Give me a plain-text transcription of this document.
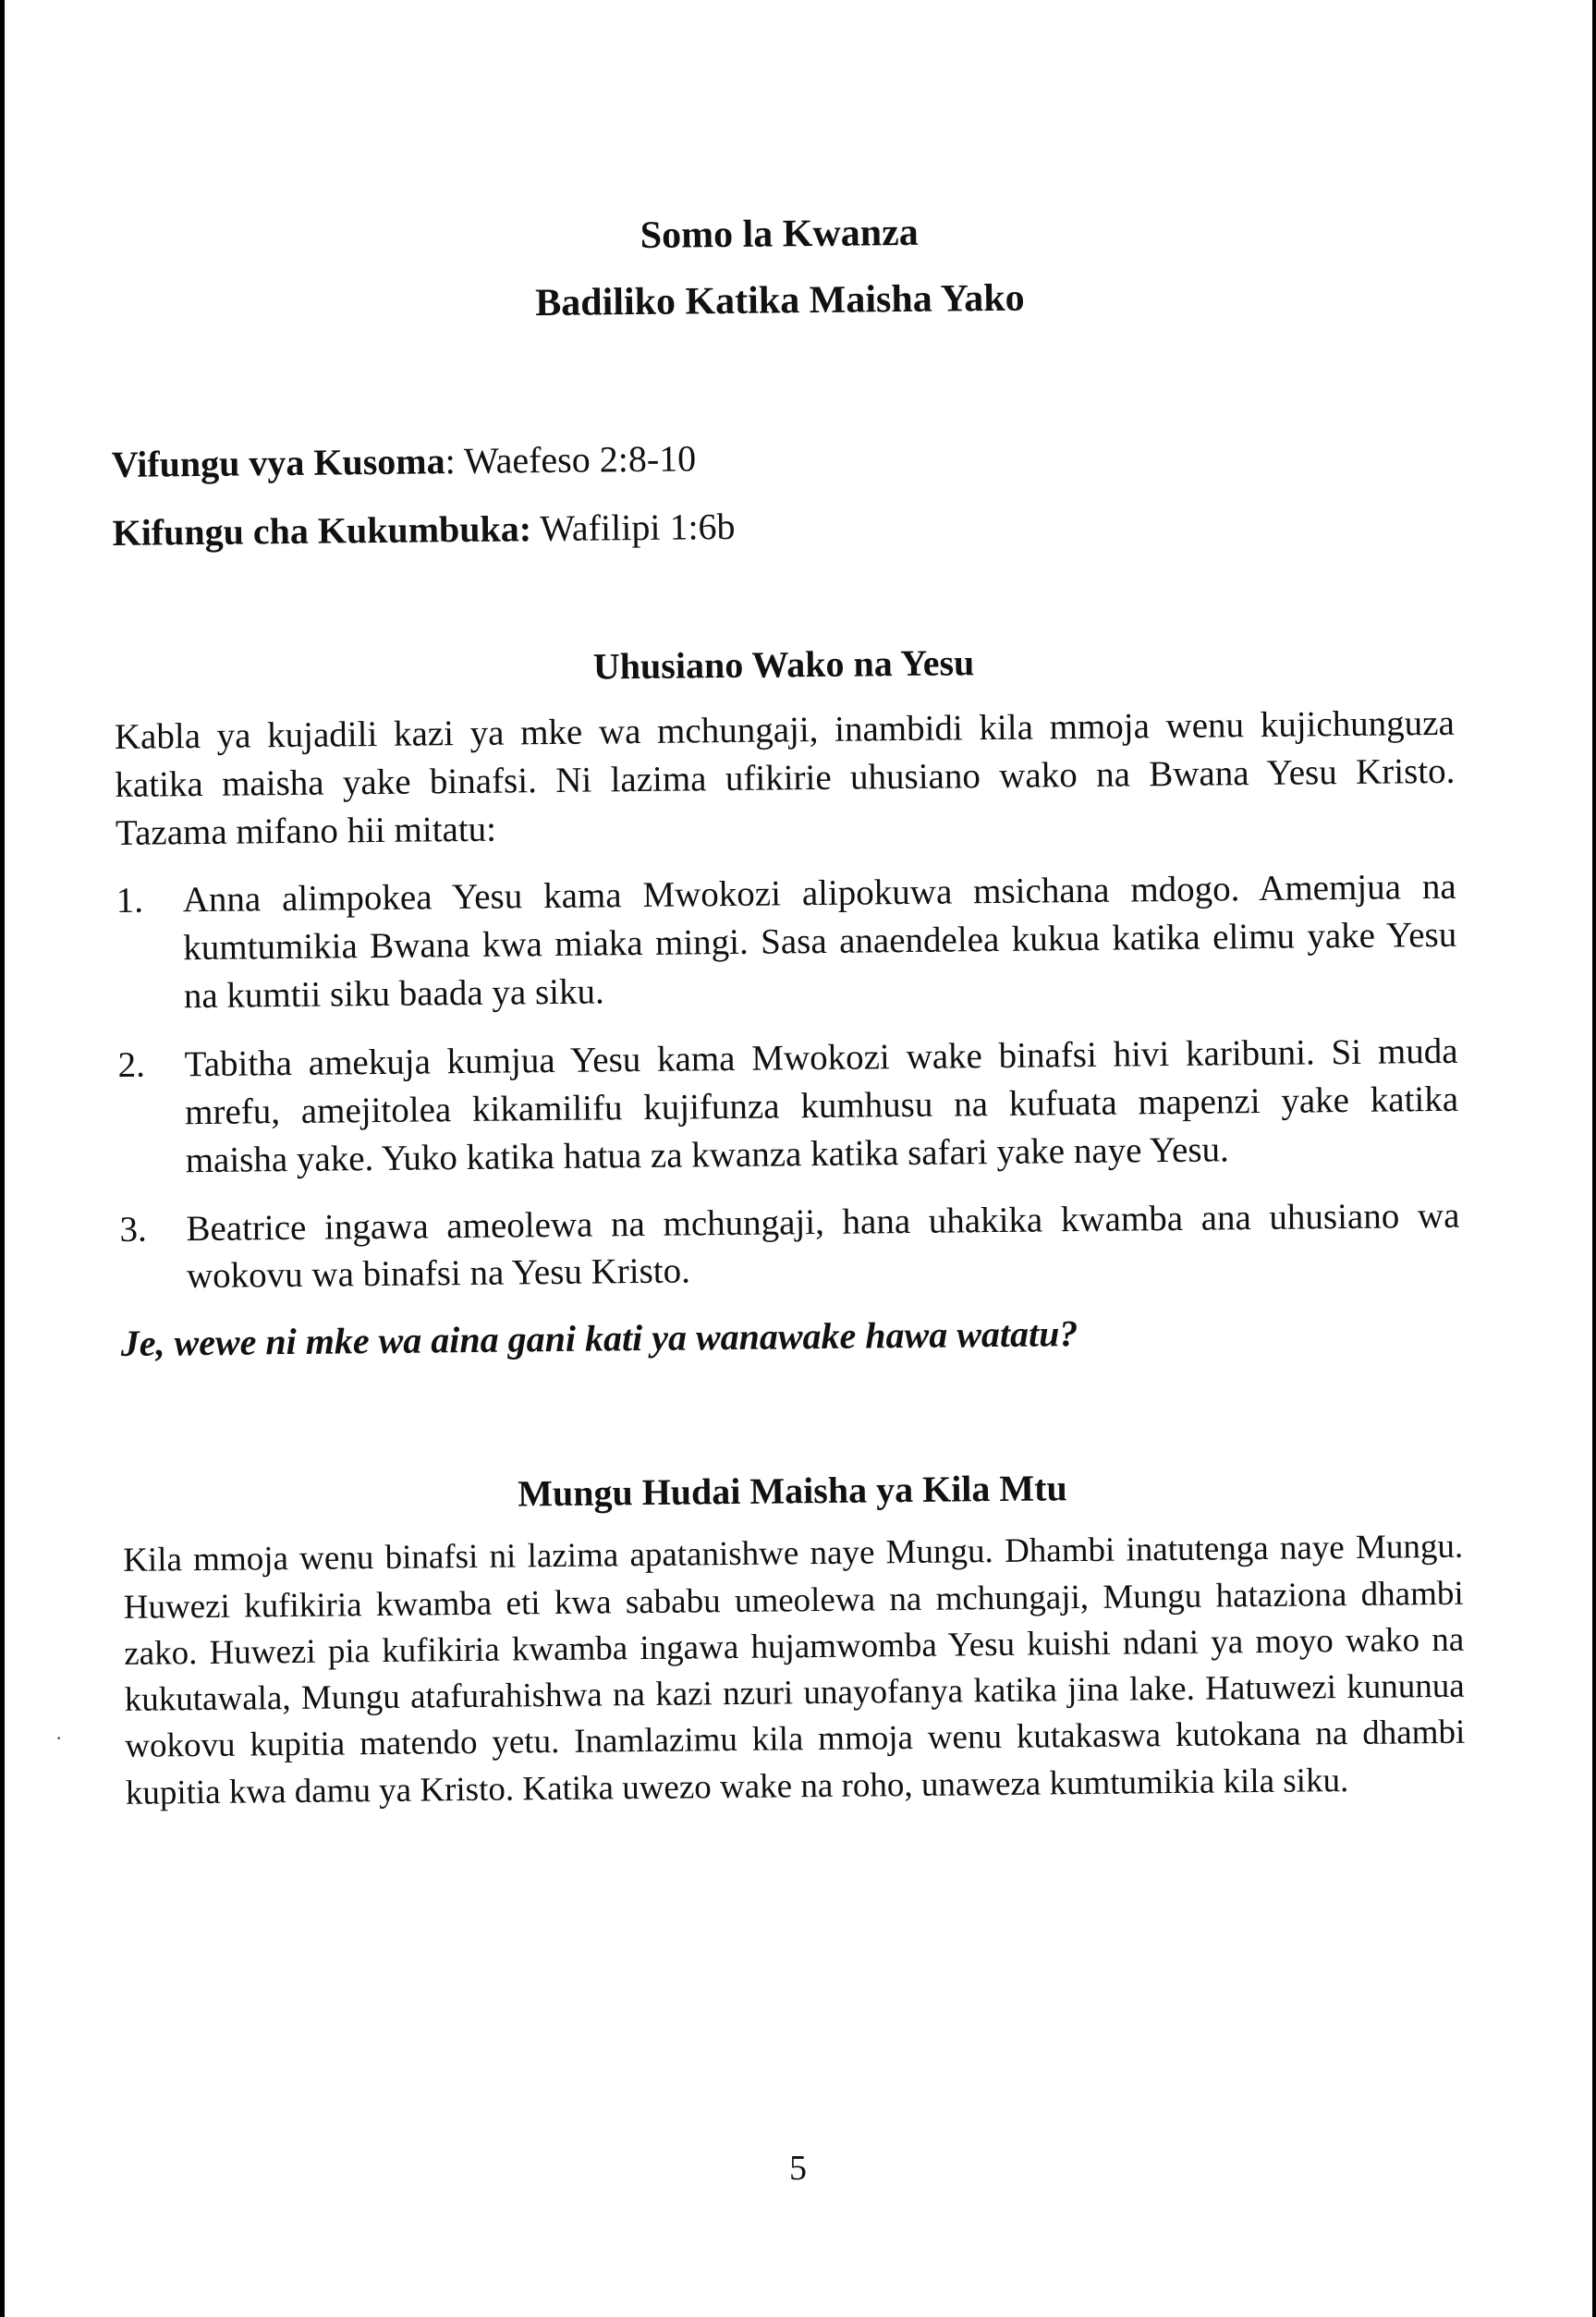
Somo la Kwanza
Badiliko Katika Maisha Yako

Vifungu vya Kusoma: Waefeso 2:8-10

Kifungu cha Kukumbuka: Wafilipi 1:6b

Uhusiano Wako na Yesu

Kabla ya kujadili kazi ya mke wa mchungaji, inambidi kila mmoja wenu kujichunguza katika maisha yake binafsi. Ni lazima ufikirie uhusiano wako na Bwana Yesu Kristo. Tazama mifano hii mitatu:

1.	Anna alimpokea Yesu kama Mwokozi alipokuwa msichana mdogo. Amemjua na kumtumikia Bwana kwa miaka mingi. Sasa anaendelea kukua katika elimu yake Yesu na kumtii siku baada ya siku.
2.	Tabitha amekuja kumjua Yesu kama Mwokozi wake binafsi hivi karibuni. Si muda mrefu, amejitolea kikamilifu kujifunza kumhusu na kufuata mapenzi yake katika maisha yake. Yuko katika hatua za kwanza katika safari yake naye Yesu.
3.	Beatrice ingawa ameolewa na mchungaji, hana uhakika kwamba ana uhusiano wa wokovu wa binafsi na Yesu Kristo.

Je, wewe ni mke wa aina gani kati ya wanawake hawa watatu?

Mungu Hudai Maisha ya Kila Mtu

Kila mmoja wenu binafsi ni lazima apatanishwe naye Mungu. Dhambi inatutenga naye Mungu. Huwezi kufikiria kwamba eti kwa sababu umeolewa na mchungaji, Mungu hataziona dhambi zako. Huwezi pia kufikiria kwamba ingawa hujamwomba Yesu kuishi ndani ya moyo wako na kukutawala, Mungu atafurahishwa na kazi nzuri unayofanya katika jina lake. Hatuwezi kununua wokovu kupitia matendo yetu. Inamlazimu kila mmoja wenu kutakaswa kutokana na dhambi kupitia kwa damu ya Kristo. Katika uwezo wake na roho, unaweza kumtumikia kila siku.

·
5
